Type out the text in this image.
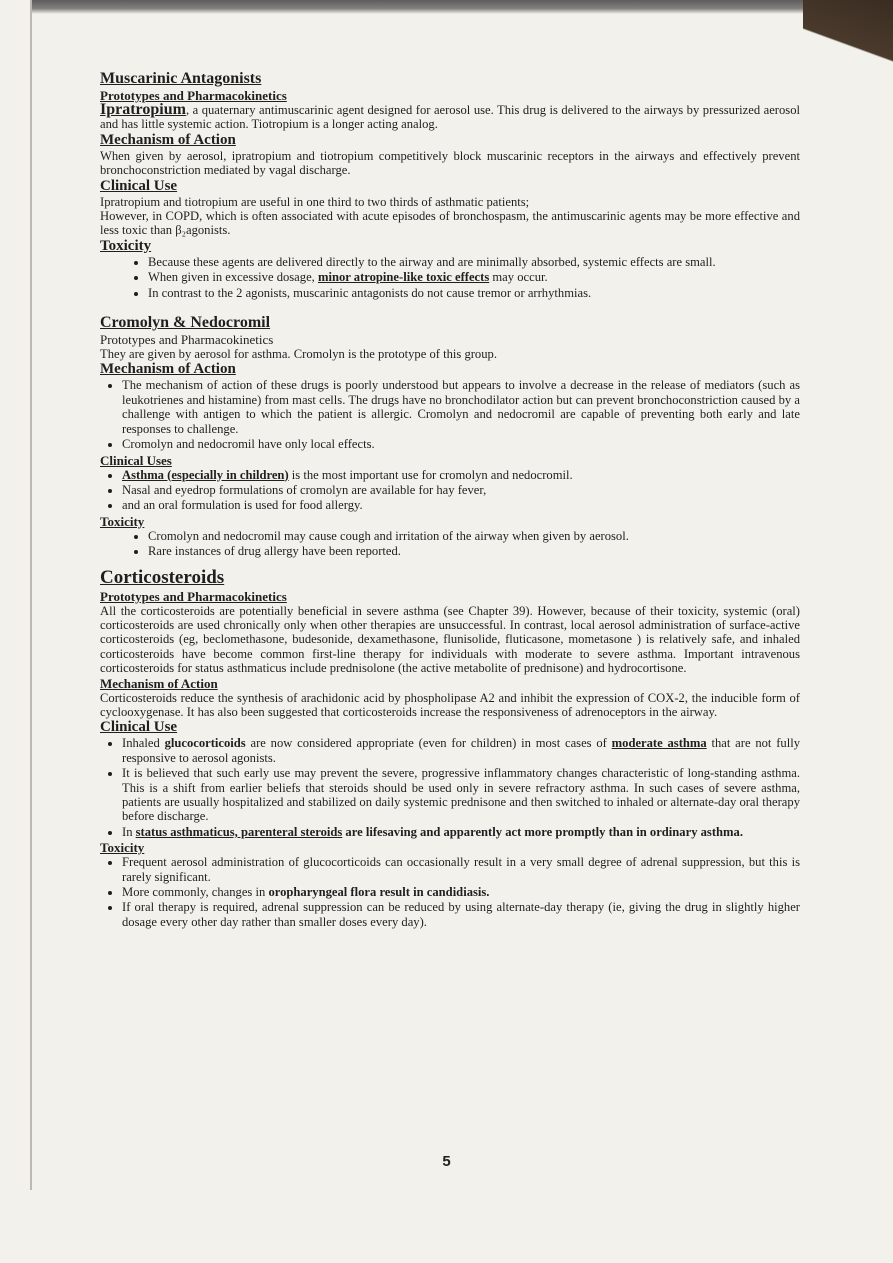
Muscarinic Antagonists
Prototypes and Pharmacokinetics

Ipratropium, a quaternary antimuscarinic agent designed for aerosol use. This drug is delivered to the airways by pressurized aerosol and has little systemic action. Tiotropium is a longer acting analog.

Mechanism of Action

When given by aerosol, ipratropium and tiotropium competitively block muscarinic receptors in the airways and effectively prevent bronchoconstriction mediated by vagal discharge.

Clinical Use

Ipratropium and tiotropium are useful in one third to two thirds of asthmatic patients;

However, in COPD, which is often associated with acute episodes of bronchospasm, the antimuscarinic agents may be more effective and less toxic than β₂agonists.

Toxicity
• Because these agents are delivered directly to the airway and are minimally absorbed, systemic effects are small.
• When given in excessive dosage, minor atropine-like toxic effects may occur.
• In contrast to the 2 agonists, muscarinic antagonists do not cause tremor or arrhythmias.
Cromolyn & Nedocromil
Prototypes and Pharmacokinetics

They are given by aerosol for asthma. Cromolyn is the prototype of this group.

Mechanism of Action
• The mechanism of action of these drugs is poorly understood but appears to involve a decrease in the release of mediators (such as leukotrienes and histamine) from mast cells. The drugs have no bronchodilator action but can prevent bronchoconstriction caused by a challenge with antigen to which the patient is allergic. Cromolyn and nedocromil are capable of preventing both early and late responses to challenge.
• Cromolyn and nedocromil have only local effects.
Clinical Uses
• Asthma (especially in children) is the most important use for cromolyn and nedocromil.
• Nasal and eyedrop formulations of cromolyn are available for hay fever,
• and an oral formulation is used for food allergy.
Toxicity
• Cromolyn and nedocromil may cause cough and irritation of the airway when given by aerosol.
• Rare instances of drug allergy have been reported.
Corticosteroids
Prototypes and Pharmacokinetics

All the corticosteroids are potentially beneficial in severe asthma (see Chapter 39). However, because of their toxicity, systemic (oral) corticosteroids are used chronically only when other therapies are unsuccessful. In contrast, local aerosol administration of surface-active corticosteroids (eg, beclomethasone, budesonide, dexamethasone, flunisolide, fluticasone, mometasone ) is relatively safe, and inhaled corticosteroids have become common first-line therapy for individuals with moderate to severe asthma. Important intravenous corticosteroids for status asthmaticus include prednisolone (the active metabolite of prednisone) and hydrocortisone.

Mechanism of Action

Corticosteroids reduce the synthesis of arachidonic acid by phospholipase A2 and inhibit the expression of COX-2, the inducible form of cyclooxygenase. It has also been suggested that corticosteroids increase the responsiveness of adrenoceptors in the airway.

Clinical Use
• Inhaled glucocorticoids are now considered appropriate (even for children) in most cases of moderate asthma that are not fully responsive to aerosol agonists.
• It is believed that such early use may prevent the severe, progressive inflammatory changes characteristic of long-standing asthma. This is a shift from earlier beliefs that steroids should be used only in severe refractory asthma. In such cases of severe asthma, patients are usually hospitalized and stabilized on daily systemic prednisone and then switched to inhaled or alternate-day oral therapy before discharge.
• In status asthmaticus, parenteral steroids are lifesaving and apparently act more promptly than in ordinary asthma.
Toxicity
• Frequent aerosol administration of glucocorticoids can occasionally result in a very small degree of adrenal suppression, but this is rarely significant.
• More commonly, changes in oropharyngeal flora result in candidiasis.
• If oral therapy is required, adrenal suppression can be reduced by using alternate-day therapy (ie, giving the drug in slightly higher dosage every other day rather than smaller doses every day).
5
